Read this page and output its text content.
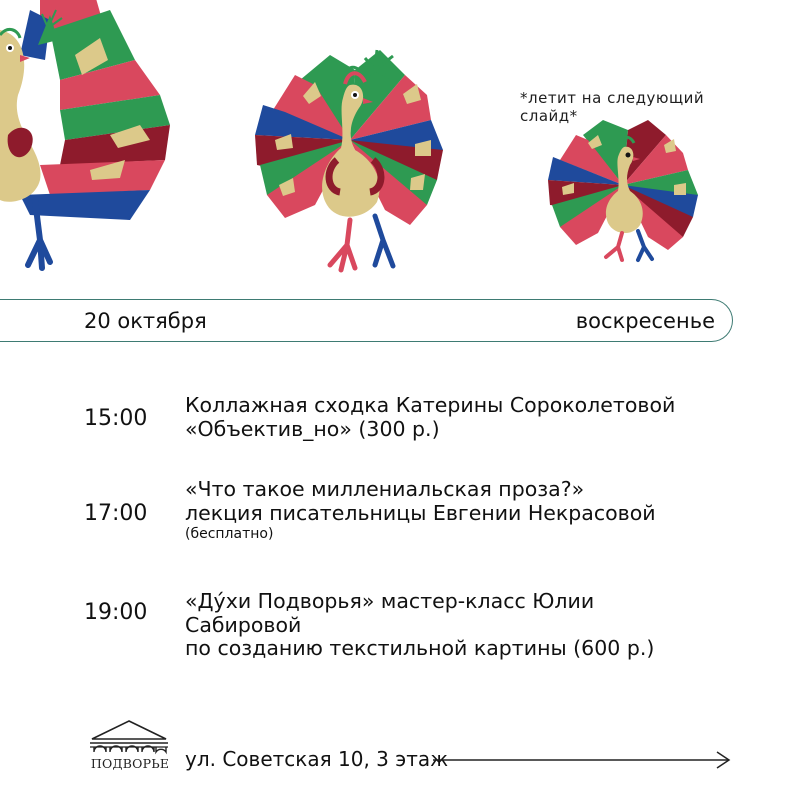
*летит на следующий слайд*
20 октября	воскресенье
15:00
Коллажная сходка Катерины Сороколетовой
«Объектив_но» (300 р.)
17:00
«Что такое миллениальская проза?»
лекция писательницы Евгении Некрасовой
(бесплатно)
19:00 «Ду́хи Подворья» мастер-класс Юлии
Сабировой
по созданию текстильной картины (600 р.)
ПОДВОРЬЕ ул. Советская 10, 3 этаж
